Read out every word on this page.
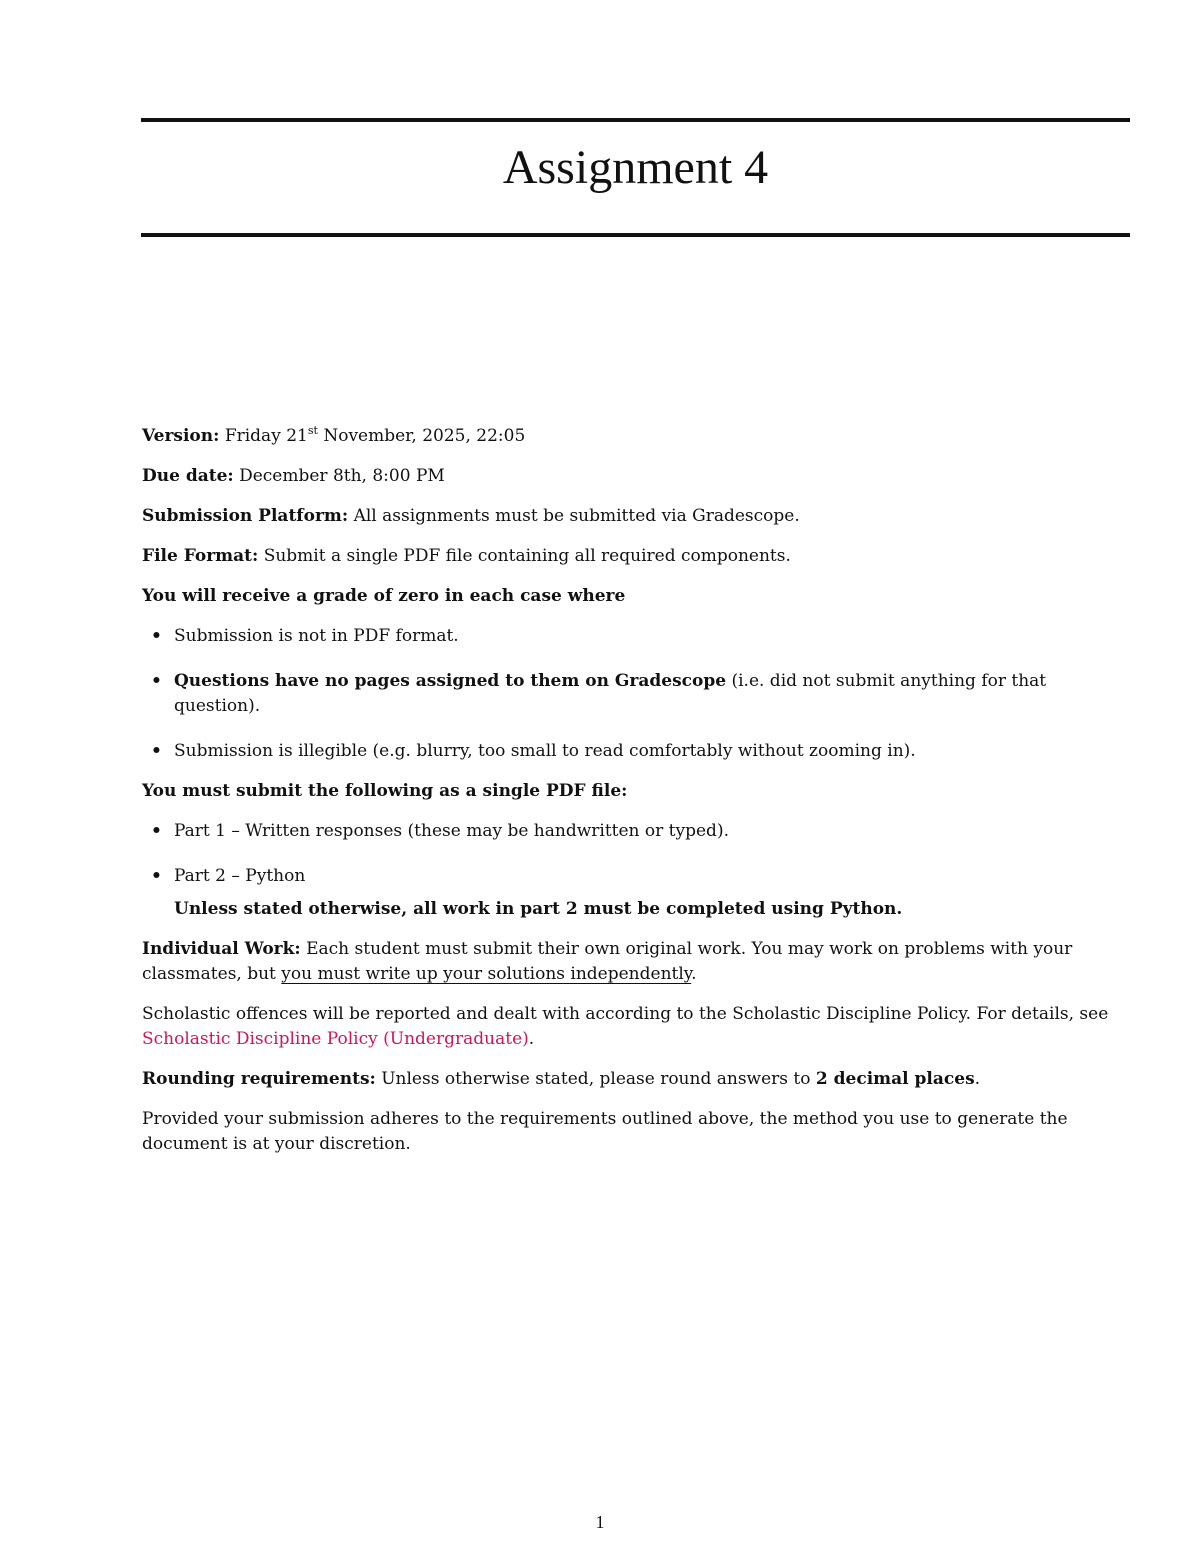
Assignment 4

Version: Friday 21st November, 2025, 22:05

Due date: December 8th, 8:00 PM

Submission Platform: All assignments must be submitted via Gradescope.

File Format: Submit a single PDF file containing all required components.

You will receive a grade of zero in each case where

• Submission is not in PDF format.
• Questions have no pages assigned to them on Gradescope (i.e. did not submit anything for that question).
• Submission is illegible (e.g. blurry, too small to read comfortably without zooming in).

You must submit the following as a single PDF file:

• Part 1 – Written responses (these may be handwritten or typed).
• Part 2 – Python
Unless stated otherwise, all work in part 2 must be completed using Python.

Individual Work: Each student must submit their own original work. You may work on problems with your classmates, but you must write up your solutions independently.

Scholastic offences will be reported and dealt with according to the Scholastic Discipline Policy. For details, see Scholastic Discipline Policy (Undergraduate).

Rounding requirements: Unless otherwise stated, please round answers to 2 decimal places.

Provided your submission adheres to the requirements outlined above, the method you use to generate the document is at your discretion.

1
